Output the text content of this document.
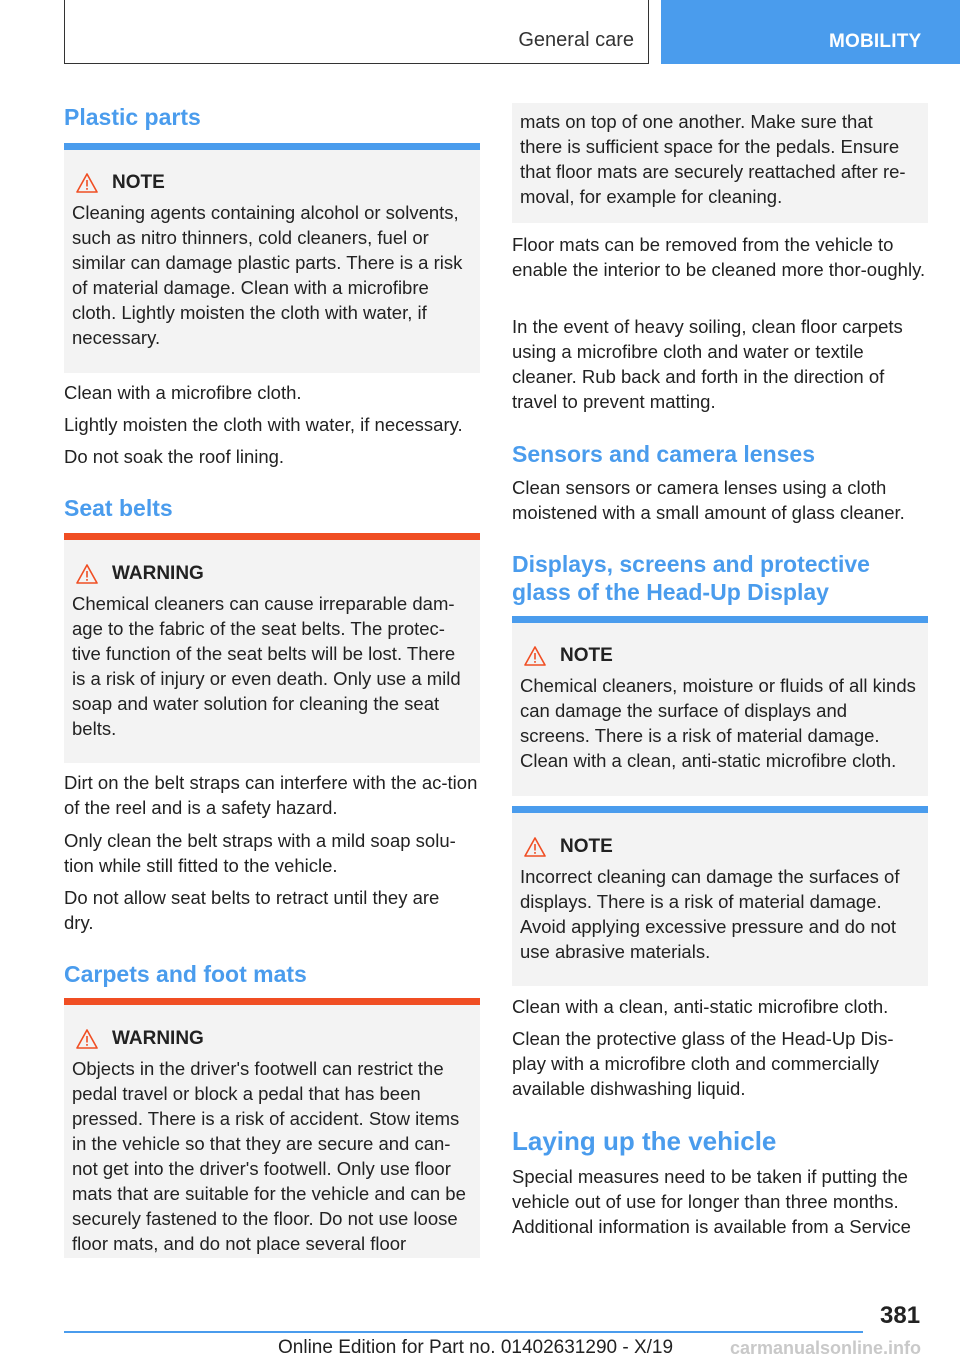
General care	MOBILITY
Plastic parts
NOTE
Cleaning agents containing alcohol or solvents, such as nitro thinners, cold cleaners, fuel or similar can damage plastic parts. There is a risk of material damage. Clean with a microfibre cloth. Lightly moisten the cloth with water, if necessary.
Clean with a microfibre cloth.
Lightly moisten the cloth with water, if necessary.
Do not soak the roof lining.
Seat belts
WARNING
Chemical cleaners can cause irreparable dam‐age to the fabric of the seat belts. The protec‐tive function of the seat belts will be lost. There is a risk of injury or even death. Only use a mild soap and water solution for cleaning the seat belts.
Dirt on the belt straps can interfere with the ac‐tion of the reel and is a safety hazard.
Only clean the belt straps with a mild soap solu‐tion while still fitted to the vehicle.
Do not allow seat belts to retract until they are dry.
Carpets and foot mats
WARNING
Objects in the driver's footwell can restrict the pedal travel or block a pedal that has been pressed. There is a risk of accident. Stow items in the vehicle so that they are secure and can‐not get into the driver's footwell. Only use floor mats that are suitable for the vehicle and can be securely fastened to the floor. Do not use loose floor mats, and do not place several floor
mats on top of one another. Make sure that there is sufficient space for the pedals. Ensure that floor mats are securely reattached after re‐moval, for example for cleaning.
Floor mats can be removed from the vehicle to enable the interior to be cleaned more thor‐oughly.
In the event of heavy soiling, clean floor carpets using a microfibre cloth and water or textile cleaner. Rub back and forth in the direction of travel to prevent matting.
Sensors and camera lenses
Clean sensors or camera lenses using a cloth moistened with a small amount of glass cleaner.
Displays, screens and protective
glass of the Head-Up Display
NOTE
Chemical cleaners, moisture or fluids of all kinds can damage the surface of displays and screens. There is a risk of material damage. Clean with a clean, anti-static microfibre cloth.
NOTE
Incorrect cleaning can damage the surfaces of displays. There is a risk of material damage. Avoid applying excessive pressure and do not use abrasive materials.
Clean with a clean, anti-static microfibre cloth.
Clean the protective glass of the Head-Up Dis‐play with a microfibre cloth and commercially available dishwashing liquid.
Laying up the vehicle
Special measures need to be taken if putting the vehicle out of use for longer than three months. Additional information is available from a Service
381
Online Edition for Part no. 01402631290 - X/19	carmanualsonline.info
